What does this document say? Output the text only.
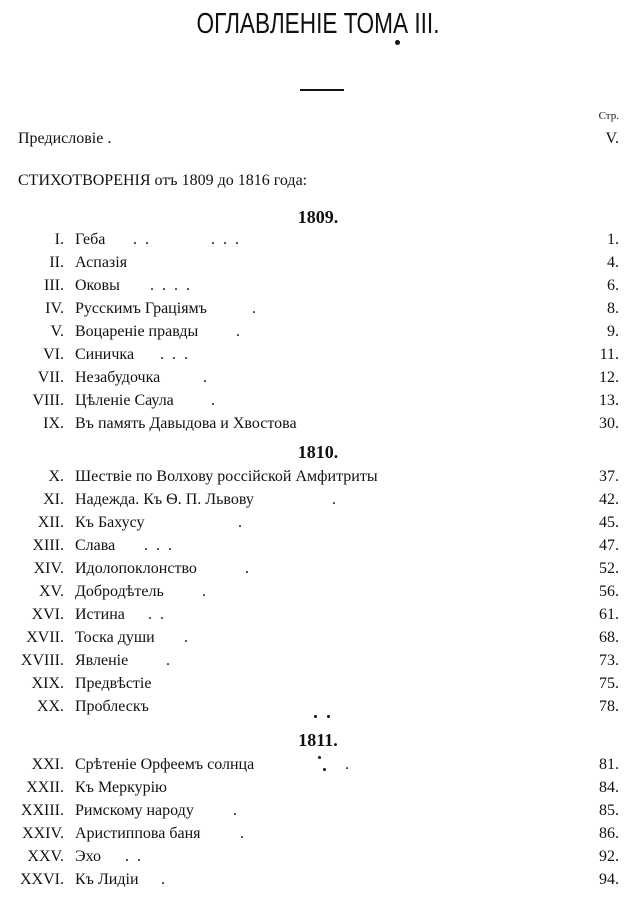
ОГЛАВЛЕНІЕ ТОМА III.
Стр.
Предисловіе .	V.
СТИХОТВОРЕНІЯ отъ 1809 до 1816 года:
1809.
I. Геба . .          . . .	1.
II. Аспазія	4.
III. Оковы . . . .	6.
IV. Русскимъ Граціямъ	.	8.
V. Воцареніе правды .	9.
VI. Синичка . . .	11.
VII. Незабудочка	.	12.
VIII. Цѣленіе Саула .	13.
IX. Въ память Давыдова и Хвостова	30.
1810.
X. Шествіе по Волхову россійской Амфитриты	37.
XI. Надежда. Къ Ѳ. П. Львову	.	42.
XII. Къ Бахусу	.	45.
XIII. Слава . . .	47.
XIV. Идолопоклонство	.	52.
XV. Добродѣтель .	56.
XVI. Истина . .	61.
XVII. Тоска души .	68.
XVIII. Явленіе .	73.
XIX. Предвѣстіе	75.
XX. Проблескъ	78.
1811.
XXI. Срѣтеніе Орфеемъ солнца	.	81.
XXII. Къ Меркурію	84.
XXIII. Римскому народу .	85.
XXIV. Аристиппова баня .	86.
XXV. Эхо . .	92.
XXVI. Къ Лидіи .	94.
